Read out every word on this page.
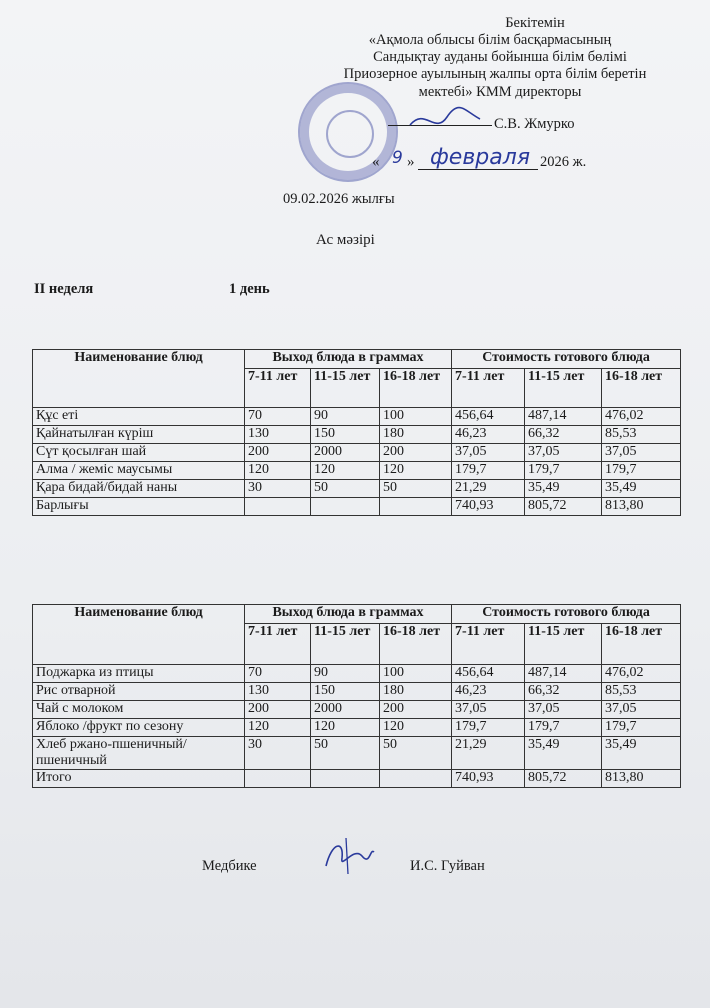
Бекітемін
«Ақмола облысы білім басқармасының
Сандықтау ауданы бойынша білім бөлімі
Приозерное ауылының жалпы орта білім беретін
мектебі» КММ директоры
С.В. Жмурко
« 9 » февраля 2026 ж.
09.02.2026 жылғы
Ас мәзірі
II неделя	1 день
Наименование блюд	Выход блюда в граммах			Стоимость готового блюда		
	7-11 лет	11-15 лет	16-18 лет	7-11 лет	11-15 лет	16-18 лет
Құс еті	70	90	100	456,64	487,14	476,02
Қайнатылған күріш	130	150	180	46,23	66,32	85,53
Сүт қосылған шай	200	2000	200	37,05	37,05	37,05
Алма / жеміс маусымы	120	120	120	179,7	179,7	179,7
Қара бидай/бидай наны	30	50	50	21,29	35,49	35,49
Барлығы				740,93	805,72	813,80
Наименование блюд	Выход блюда в граммах			Стоимость готового блюда		
	7-11 лет	11-15 лет	16-18 лет	7-11 лет	11-15 лет	16-18 лет
Поджарка из птицы	70	90	100	456,64	487,14	476,02
Рис отварной	130	150	180	46,23	66,32	85,53
Чай с молоком	200	2000	200	37,05	37,05	37,05
Яблоко /фрукт по сезону	120	120	120	179,7	179,7	179,7
Хлеб ржано-пшеничный/пшеничный	30	50	50	21,29	35,49	35,49
Итого				740,93	805,72	813,80
Медбике	И.С. Гуйван
